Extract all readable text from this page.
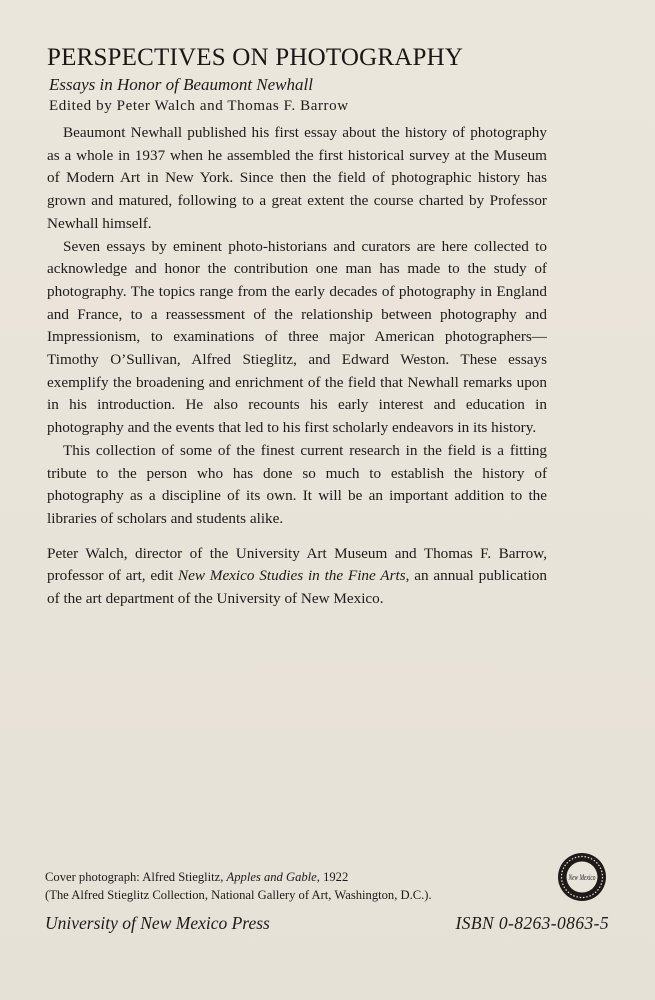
PERSPECTIVES ON PHOTOGRAPHY
Essays in Honor of Beaumont Newhall
Edited by Peter Walch and Thomas F. Barrow

Beaumont Newhall published his first essay about the history of photography as a whole in 1937 when he assembled the first historical survey at the Museum of Modern Art in New York. Since then the field of photographic history has grown and matured, following to a great extent the course charted by Professor Newhall himself.

Seven essays by eminent photo-historians and curators are here collected to acknowledge and honor the contribution one man has made to the study of photography. The topics range from the early decades of photography in England and France, to a reassessment of the relationship between photography and Impressionism, to examinations of three major American photographers—Timothy O’Sullivan, Alfred Stieglitz, and Edward Weston. These essays exemplify the broadening and enrichment of the field that Newhall remarks upon in his introduction. He also recounts his early interest and education in photography and the events that led to his first scholarly endeavors in its history.

This collection of some of the finest current research in the field is a fitting tribute to the person who has done so much to establish the history of photography as a discipline of its own. It will be an important addition to the libraries of scholars and students alike.

Peter Walch, director of the University Art Museum and Thomas F. Barrow, professor of art, edit New Mexico Studies in the Fine Arts, an annual publication of the art department of the University of New Mexico.

Cover photograph: Alfred Stieglitz, Apples and Gable, 1922
(The Alfred Stieglitz Collection, National Gallery of Art, Washington, D.C.).
New Mexico
University of New Mexico Press	ISBN 0-8263-0863-5
